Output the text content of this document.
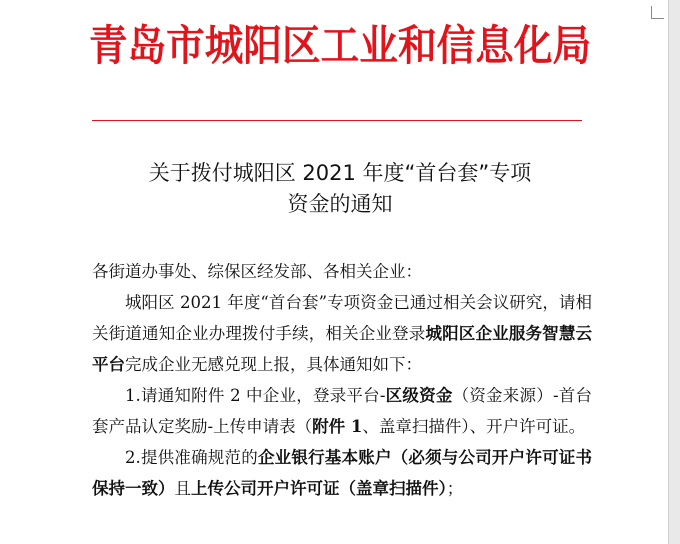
青岛市城阳区工业和信息化局
关于拨付城阳区 2021 年度“首台套”专项
资金的通知

各街道办事处、综保区经发部、各相关企业：

城阳区 2021 年度“首台套”专项资金已通过相关会议研究，请相关街道通知企业办理拨付手续，相关企业登录城阳区企业服务智慧云平台完成企业无感兑现上报，具体通知如下：

1.请通知附件 2 中企业，登录平台-区级资金（资金来源）-首台套产品认定奖励-上传申请表（附件 1、盖章扫描件）、开户许可证。

2.提供准确规范的企业银行基本账户（必须与公司开户许可证书保持一致）且上传公司开户许可证（盖章扫描件）；
